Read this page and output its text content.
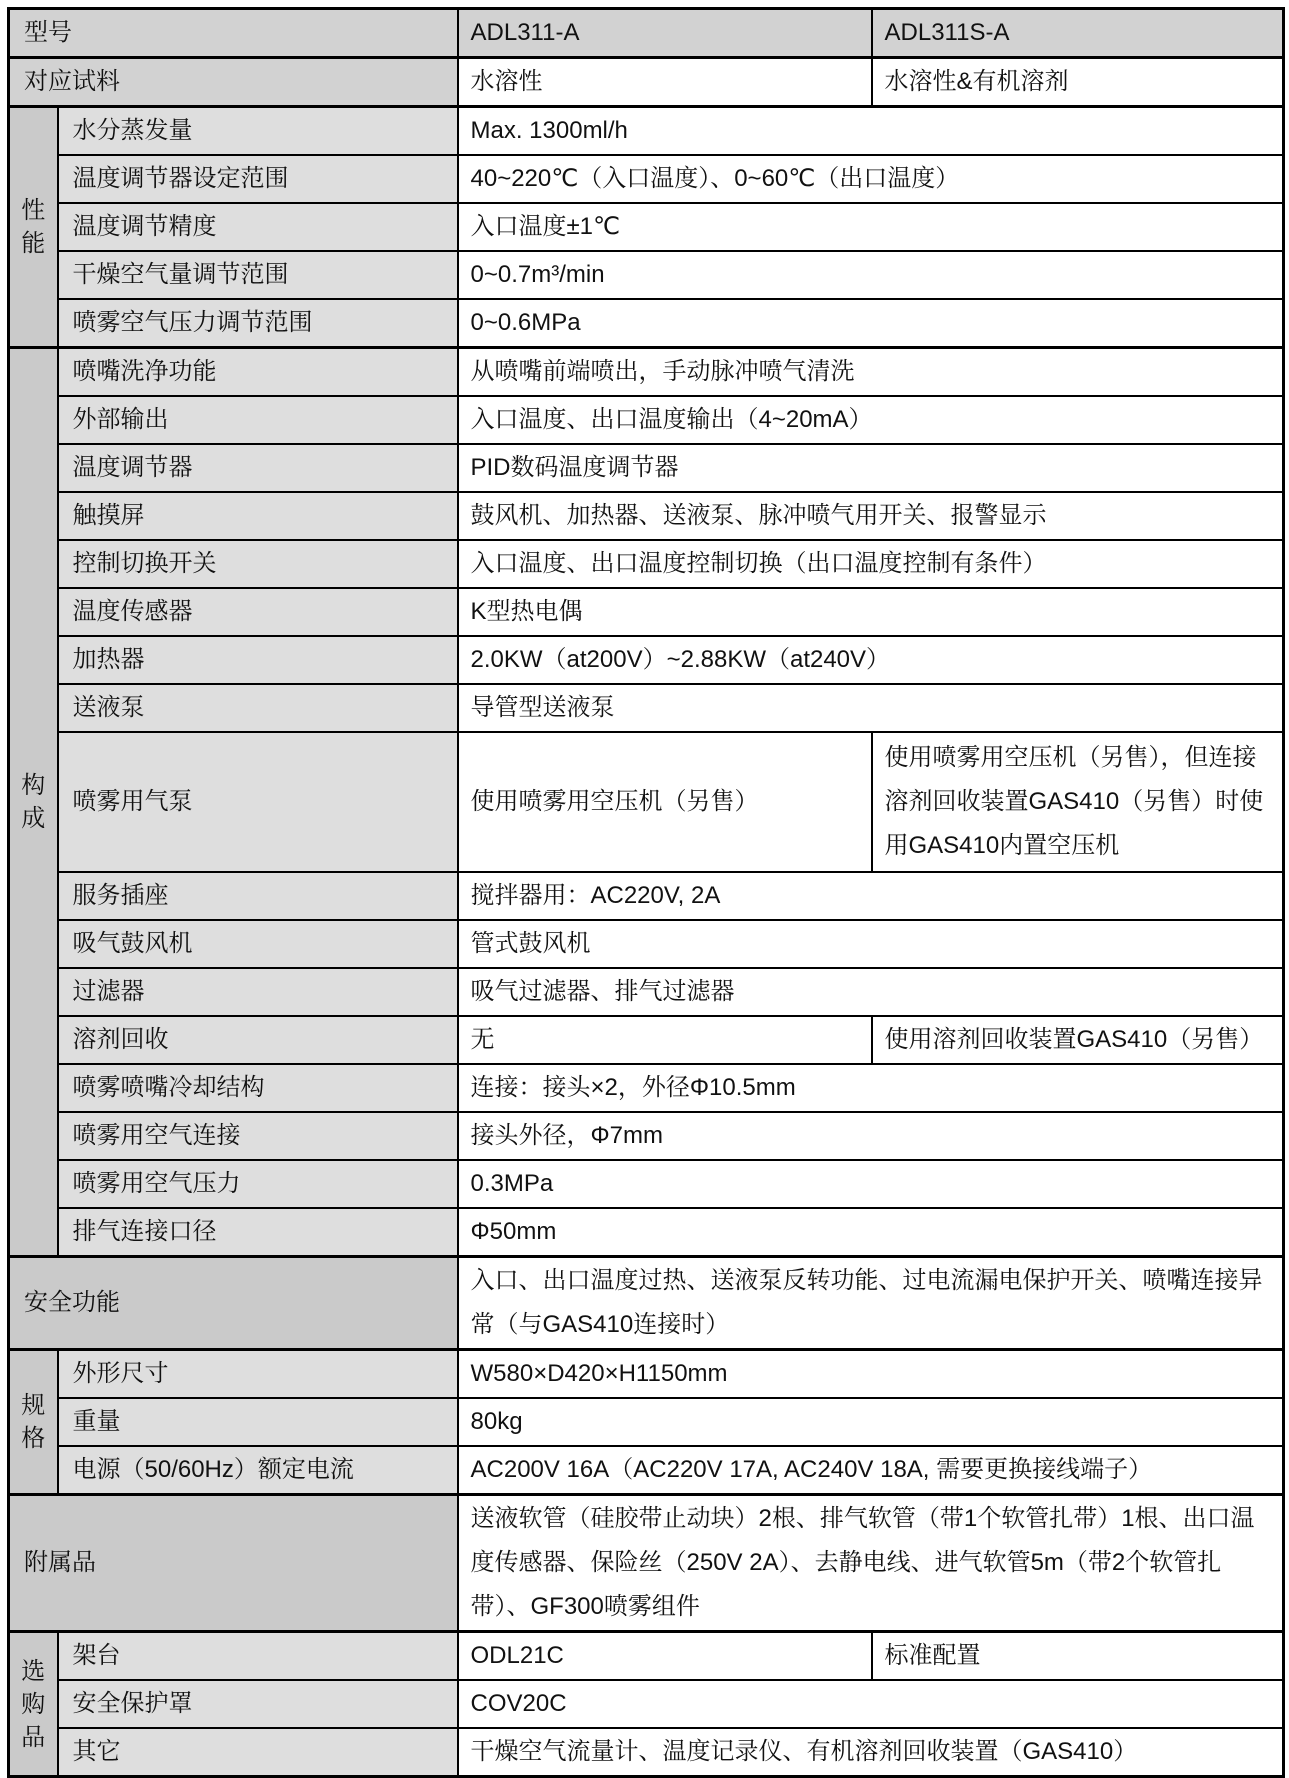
型号		ADL311-A	ADL311S-A
对应试料		水溶性	水溶性&有机溶剂
性能	水分蒸发量	Max. 1300ml/h	
	温度调节器设定范围	40~220℃（入口温度）、0~60℃（出口温度）	
	温度调节精度	入口温度±1℃	
	干燥空气量调节范围	0~0.7m³/min	
	喷雾空气压力调节范围	0~0.6MPa	
构成	喷嘴洗净功能	从喷嘴前端喷出，手动脉冲喷气清洗	
	外部输出	入口温度、出口温度输出（4~20mA）	
	温度调节器	PID数码温度调节器	
	触摸屏	鼓风机、加热器、送液泵、脉冲喷气用开关、报警显示	
	控制切换开关	入口温度、出口温度控制切换（出口温度控制有条件）	
	温度传感器	K型热电偶	
	加热器	2.0KW（at200V）~2.88KW（at240V）	
	送液泵	导管型送液泵	
	喷雾用气泵	使用喷雾用空压机（另售）	使用喷雾用空压机（另售），但连接溶剂回收装置GAS410（另售）时使用GAS410内置空压机
	服务插座	搅拌器用：AC220V, 2A	
	吸气鼓风机	管式鼓风机	
	过滤器	吸气过滤器、排气过滤器	
	溶剂回收	无	使用溶剂回收装置GAS410（另售）
	喷雾喷嘴冷却结构	连接：接头×2，外径Φ10.5mm	
	喷雾用空气连接	接头外径，Φ7mm	
	喷雾用空气压力	0.3MPa	
	排气连接口径	Φ50mm	
安全功能		入口、出口温度过热、送液泵反转功能、过电流漏电保护开关、喷嘴连接异常（与GAS410连接时）	
规格	外形尺寸	W580×D420×H1150mm	
	重量	80kg	
	电源（50/60Hz）额定电流	AC200V 16A（AC220V 17A, AC240V 18A, 需要更换接线端子）	
附属品		送液软管（硅胶带止动块）2根、排气软管（带1个软管扎带）1根、出口温度传感器、保险丝（250V 2A）、去静电线、进气软管5m（带2个软管扎带）、GF300喷雾组件	
选购品	架台	ODL21C	标准配置
	安全保护罩	COV20C	
	其它	干燥空气流量计、温度记录仪、有机溶剂回收装置（GAS410）	
